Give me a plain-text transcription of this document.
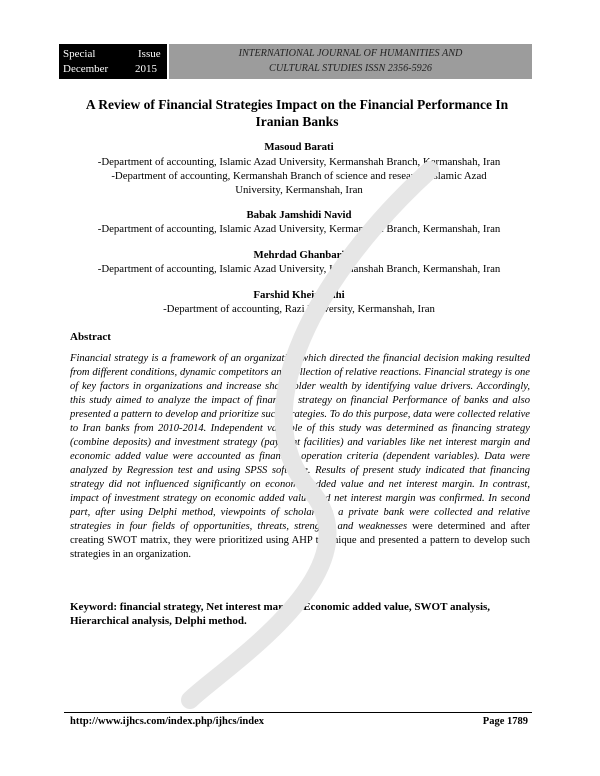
Special	Issue
December 2015
INTERNATIONAL JOURNAL OF HUMANITIES AND
CULTURAL STUDIES ISSN 2356-5926
A Review of Financial Strategies Impact on the Financial Performance In
Iranian Banks
Masoud Barati
-Department of accounting, Islamic Azad University, Kermanshah Branch, Kermanshah, Iran
-Department of accounting, Kermanshah Branch of science and research, Islamic Azad
University, Kermanshah, Iran
Babak Jamshidi Navid
-Department of accounting, Islamic Azad University, Kermanshah Branch, Kermanshah, Iran
Mehrdad Ghanbari
-Department of accounting, Islamic Azad University, Kermanshah Branch, Kermanshah, Iran
Farshid Kheirollahi
-Department of accounting, Razi University, Kermanshah, Iran
Abstract
Financial strategy is a framework of an organization which directed the financial decision making resulted from different conditions, dynamic competitors and collection of relative reactions. Financial strategy is one of key factors in organizations and increase shareholder wealth by identifying value drivers. Accordingly, this study aimed to analyze the impact of financial strategy on financial Performance of banks and also presented a pattern to develop and prioritize such strategies. To do this purpose, data were collected relative to Iran banks from 2010-2014. Independent variable of this study was determined as financing strategy (combine deposits) and investment strategy (payment facilities) and variables like net interest margin and economic added value were accounted as financial operation criteria (dependent variables). Data were analyzed by Regression test and using SPSS software. Results of present study indicated that financing strategy did not influenced significantly on economic added value and net interest margin. In contrast, impact of investment strategy on economic added value and net interest margin was confirmed. In second part, after using Delphi method, viewpoints of scholars in a private bank were collected and relative strategies in four fields of opportunities, threats, strengths and weaknesses were determined and after creating SWOT matrix, they were prioritized using AHP technique and presented a pattern to develop such strategies in an organization.
Keyword: financial strategy, Net interest margin, Economic added value, SWOT analysis, Hierarchical analysis, Delphi method.
http://www.ijhcs.com/index.php/ijhcs/index	Page 1789
